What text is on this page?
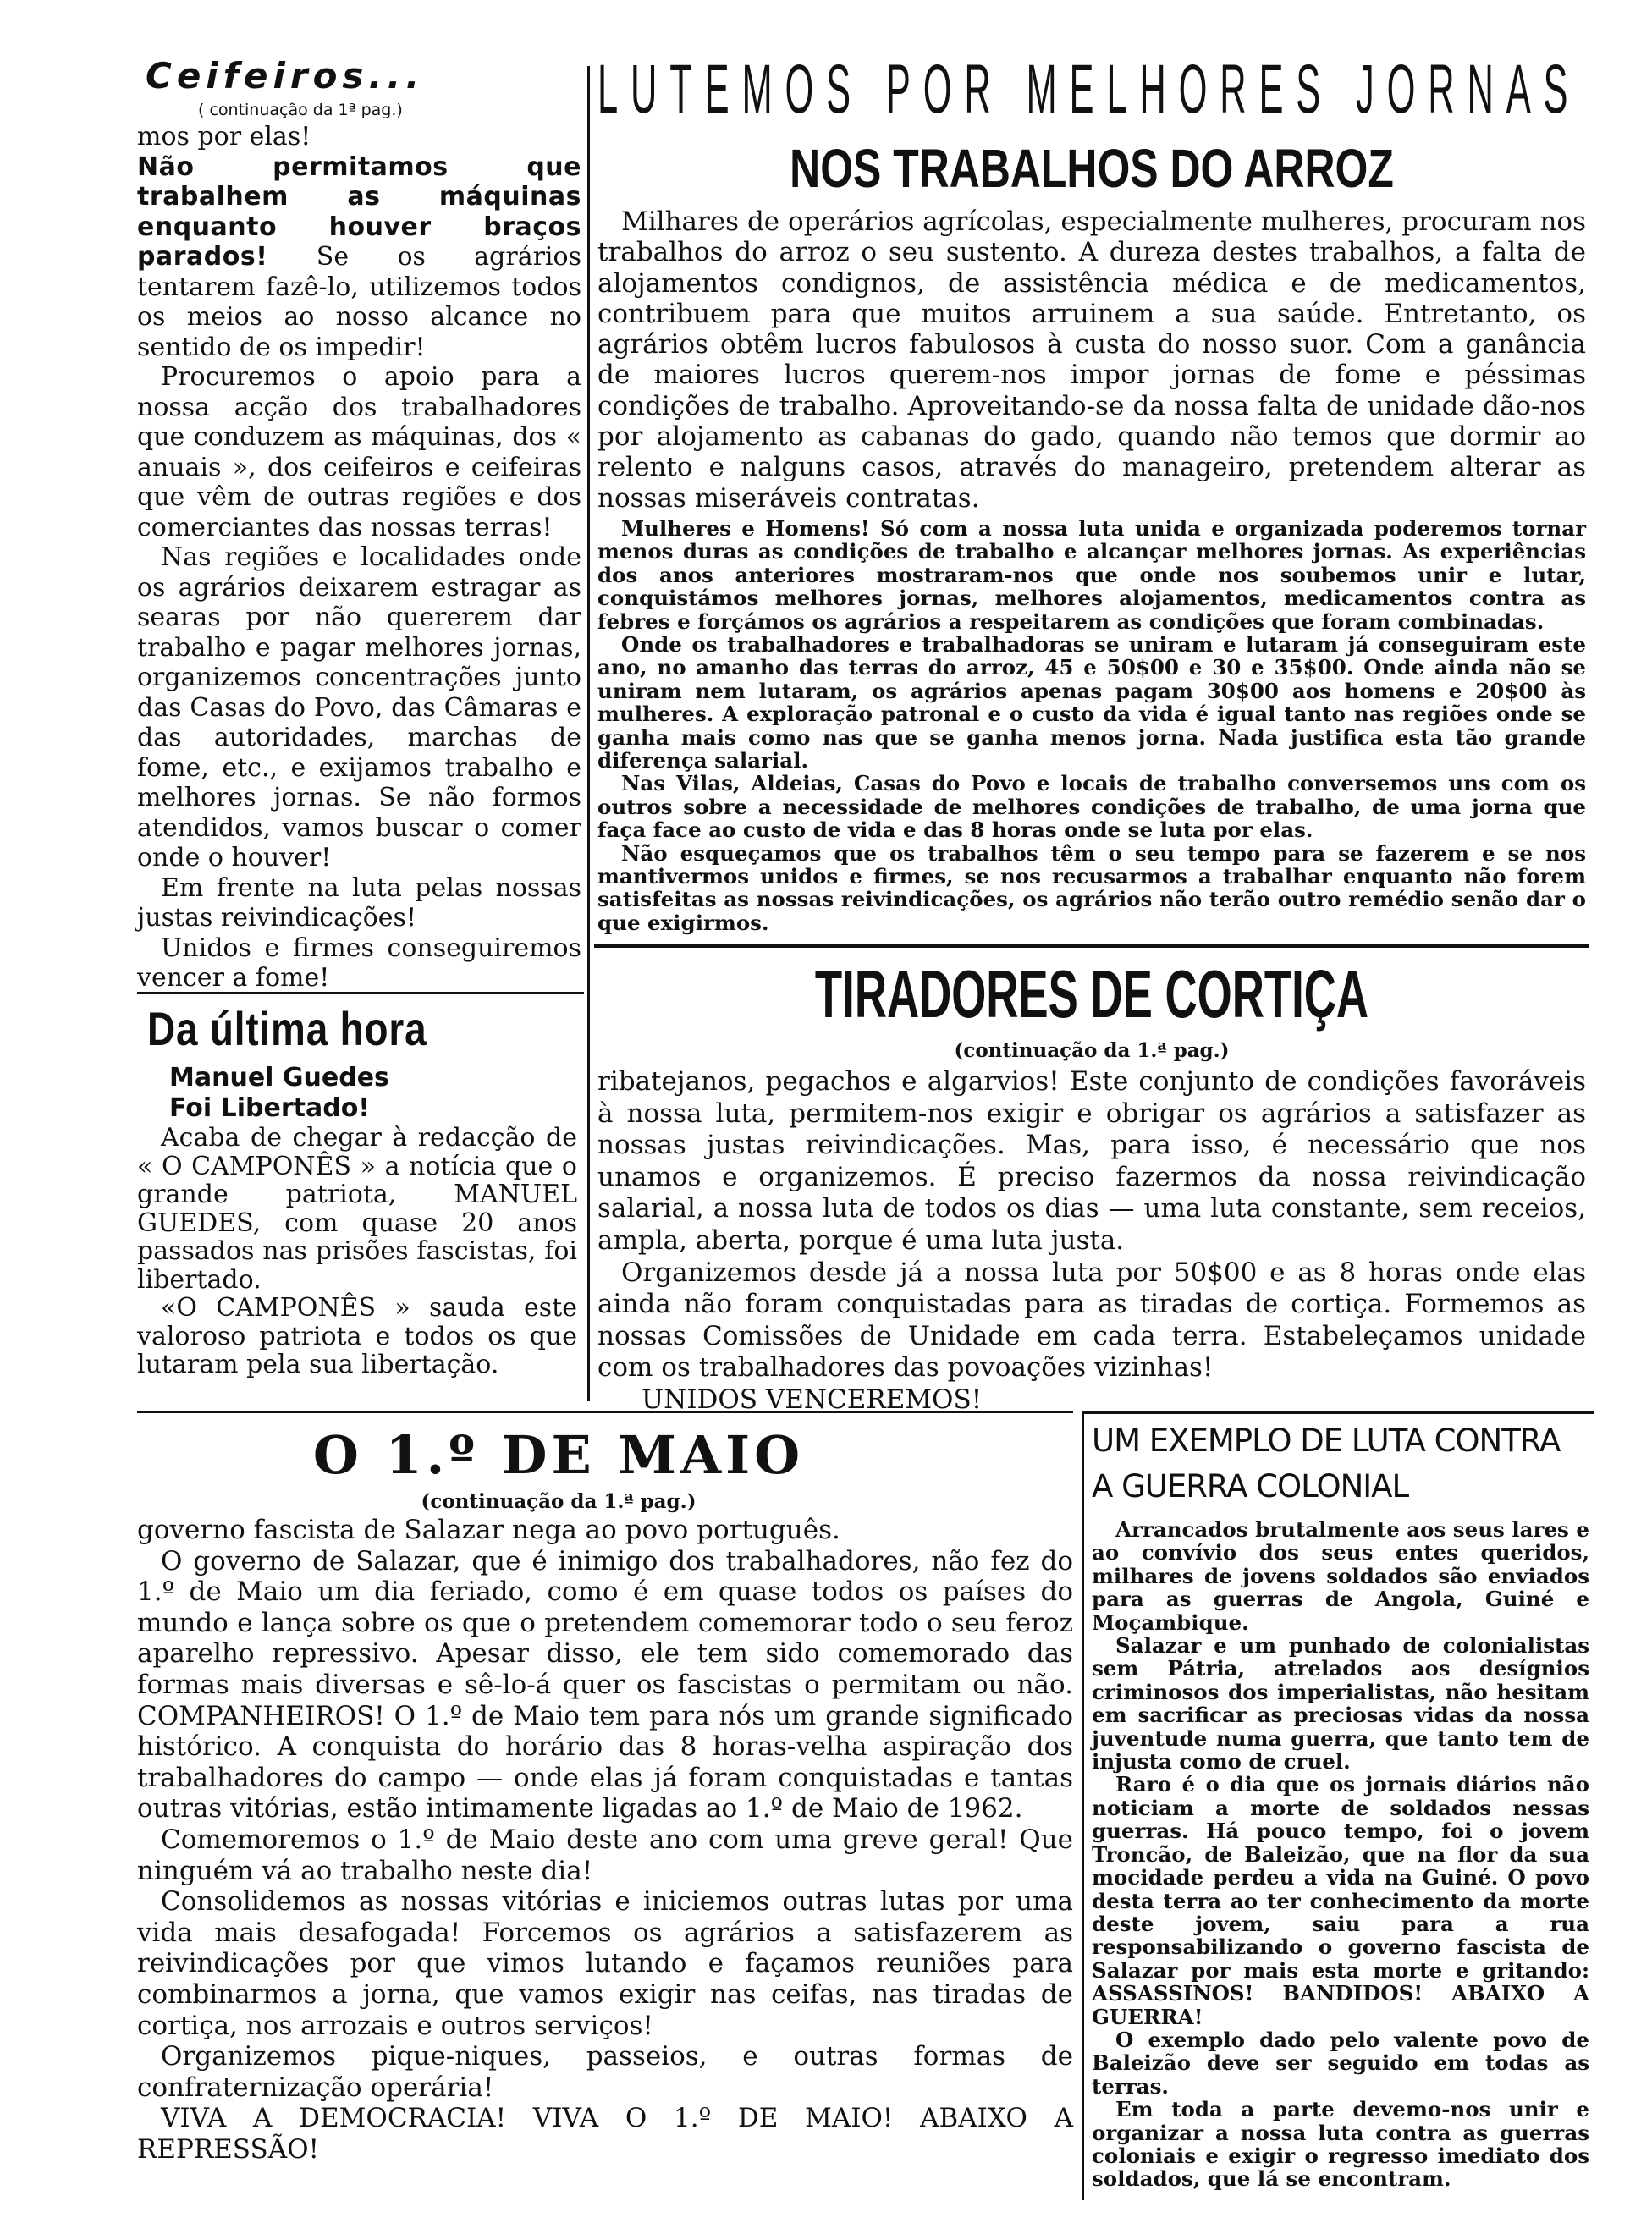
Ceifeiros...
( continuação da 1ª pag.)

mos por elas!

Não permitamos que trabalhem as máquinas enquanto houver braços parados! Se os agrários tentarem fazê-lo, utilizemos todos os meios ao nosso alcance no sentido de os impedir!

Procuremos o apoio para a nossa acção dos trabalhadores que conduzem as máquinas, dos « anuais », dos ceifeiros e ceifeiras que vêm de outras regiões e dos comerciantes das nossas terras!

Nas regiões e localidades onde os agrários deixarem estragar as searas por não quererem dar trabalho e pagar melhores jornas, organizemos concentrações junto das Casas do Povo, das Câmaras e das autoridades, marchas de fome, etc., e exijamos trabalho e melhores jornas. Se não formos atendidos, vamos buscar o comer onde o houver!

Em frente na luta pelas nossas justas reivindicações!

Unidos e firmes conseguiremos vencer a fome!

Da última hora
Manuel Guedes
Foi Libertado!

Acaba de chegar à redacção de « O CAMPONÊS » a notícia que o grande patriota, MANUEL GUEDES, com quase 20 anos passados nas prisões fascistas, foi libertado.

«O CAMPONÊS » sauda este valoroso patriota e todos os que lutaram pela sua libertação.

LUTEMOS POR MELHORES JORNAS
NOS TRABALHOS DO ARROZ

Milhares de operários agrícolas, especialmente mulheres, procuram nos trabalhos do arroz o seu sustento. A dureza destes trabalhos, a falta de alojamentos condignos, de assistência médica e de medicamentos, contribuem para que muitos arruinem a sua saúde. Entretanto, os agrários obtêm lucros fabulosos à custa do nosso suor. Com a ganância de maiores lucros querem-nos impor jornas de fome e péssimas condições de trabalho. Aproveitando-se da nossa falta de unidade dão-nos por alojamento as cabanas do gado, quando não temos que dormir ao relento e nalguns casos, através do manageiro, pretendem alterar as nossas miseráveis contratas.

Mulheres e Homens! Só com a nossa luta unida e organizada poderemos tornar menos duras as condições de trabalho e alcançar melhores jornas. As experiências dos anos anteriores mostraram-nos que onde nos soubemos unir e lutar, conquistámos melhores jornas, melhores alojamentos, medicamentos contra as febres e forçámos os agrários a respeitarem as condições que foram combinadas.

Onde os trabalhadores e trabalhadoras se uniram e lutaram já conseguiram este ano, no amanho das terras do arroz, 45 e 50$00 e 30 e 35$00. Onde ainda não se uniram nem lutaram, os agrários apenas pagam 30$00 aos homens e 20$00 às mulheres. A exploração patronal e o custo da vida é igual tanto nas regiões onde se ganha mais como nas que se ganha menos jorna. Nada justifica esta tão grande diferença salarial.

Nas Vilas, Aldeias, Casas do Povo e locais de trabalho conversemos uns com os outros sobre a necessidade de melhores condições de trabalho, de uma jorna que faça face ao custo de vida e das 8 horas onde se luta por elas.

Não esqueçamos que os trabalhos têm o seu tempo para se fazerem e se nos mantivermos unidos e firmes, se nos recusarmos a trabalhar enquanto não forem satisfeitas as nossas reivindicações, os agrários não terão outro remédio senão dar o que exigirmos.

TIRADORES DE CORTIÇA
(continuação da 1.ª pag.)

ribatejanos, pegachos e algarvios! Este conjunto de condições favoráveis à nossa luta, permitem-nos exigir e obrigar os agrários a satisfazer as nossas justas reivindicações. Mas, para isso, é necessário que nos unamos e organizemos. É preciso fazermos da nossa reivindicação salarial, a nossa luta de todos os dias — uma luta constante, sem receios, ampla, aberta, porque é uma luta justa.

Organizemos desde já a nossa luta por 50$00 e as 8 horas onde elas ainda não foram conquistadas para as tiradas de cortiça. Formemos as nossas Comissões de Unidade em cada terra. Estabeleçamos unidade com os trabalhadores das povoações vizinhas!

UNIDOS VENCEREMOS!
O 1.º DE MAIO
(continuação da 1.ª pag.)

governo fascista de Salazar nega ao povo português.

O governo de Salazar, que é inimigo dos trabalhadores, não fez do 1.º de Maio um dia feriado, como é em quase todos os países do mundo e lança sobre os que o pretendem comemorar todo o seu feroz aparelho repressivo. Apesar disso, ele tem sido comemorado das formas mais diversas e sê-lo-á quer os fascistas o permitam ou não. COMPANHEIROS! O 1.º de Maio tem para nós um grande significado histórico. A conquista do horário das 8 horas-velha aspiração dos trabalhadores do campo — onde elas já foram conquistadas e tantas outras vitórias, estão intimamente ligadas ao 1.º de Maio de 1962.

Comemoremos o 1.º de Maio deste ano com uma greve geral! Que ninguém vá ao trabalho neste dia!

Consolidemos as nossas vitórias e iniciemos outras lutas por uma vida mais desafogada! Forcemos os agrários a satisfazerem as reivindicações por que vimos lutando e façamos reuniões para combinarmos a jorna, que vamos exigir nas ceifas, nas tiradas de cortiça, nos arrozais e outros serviços!

Organizemos pique-niques, passeios, e outras formas de confraternização operária!

VIVA A DEMOCRACIA! VIVA O 1.º DE MAIO! ABAIXO A REPRESSÃO!

UM EXEMPLO DE LUTA CONTRA A GUERRA COLONIAL

Arrancados brutalmente aos seus lares e ao convívio dos seus entes queridos, milhares de jovens soldados são enviados para as guerras de Angola, Guiné e Moçambique.

Salazar e um punhado de colonialistas sem Pátria, atrelados aos desígnios criminosos dos imperialistas, não hesitam em sacrificar as preciosas vidas da nossa juventude numa guerra, que tanto tem de injusta como de cruel.

Raro é o dia que os jornais diários não noticiam a morte de soldados nessas guerras. Há pouco tempo, foi o jovem Troncão, de Baleizão, que na flor da sua mocidade perdeu a vida na Guiné. O povo desta terra ao ter conhecimento da morte deste jovem, saiu para a rua responsabilizando o governo fascista de Salazar por mais esta morte e gritando: ASSASSINOS! BANDIDOS! ABAIXO A GUERRA!

O exemplo dado pelo valente povo de Baleizão deve ser seguido em todas as terras.

Em toda a parte devemo-nos unir e organizar a nossa luta contra as guerras coloniais e exigir o regresso imediato dos soldados, que lá se encontram.
